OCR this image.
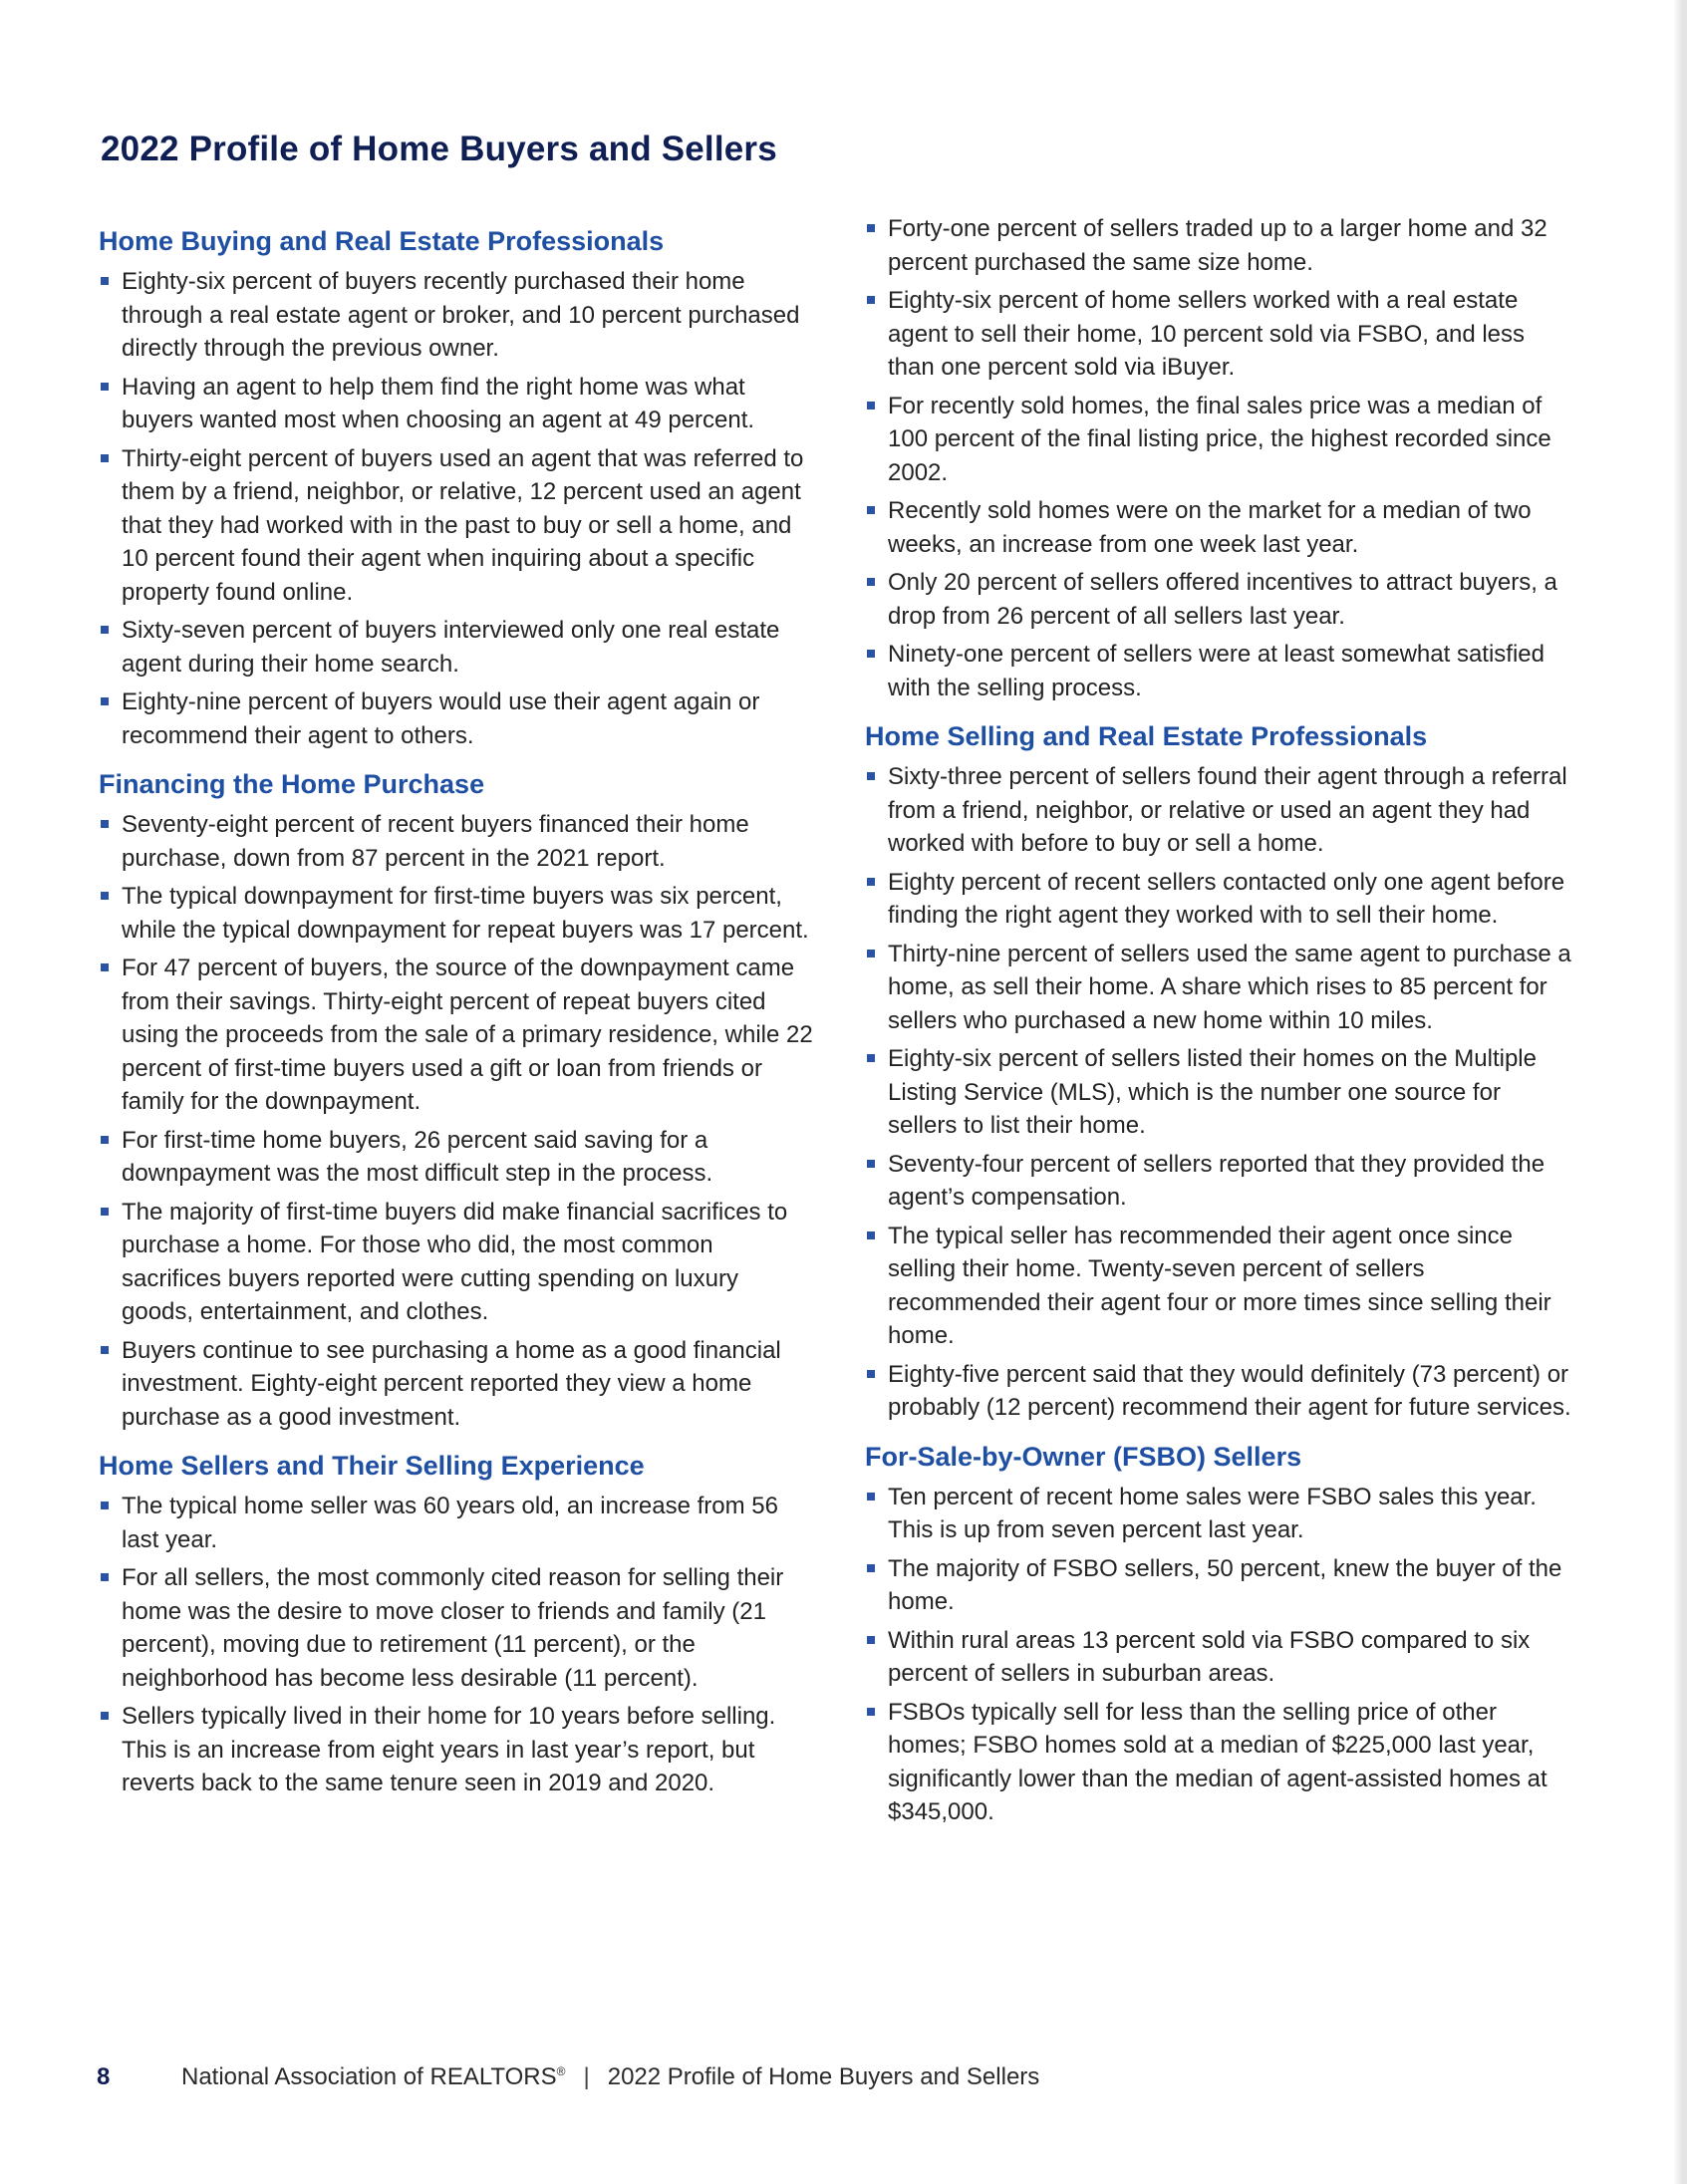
2022 Profile of Home Buyers and Sellers
Home Buying and Real Estate Professionals
Eighty-six percent of buyers recently purchased their home through a real estate agent or broker, and 10 percent purchased directly through the previous owner.
Having an agent to help them find the right home was what buyers wanted most when choosing an agent at 49 percent.
Thirty-eight percent of buyers used an agent that was referred to them by a friend, neighbor, or relative, 12 percent used an agent that they had worked with in the past to buy or sell a home, and 10 percent found their agent when inquiring about a specific property found online.
Sixty-seven percent of buyers interviewed only one real estate agent during their home search.
Eighty-nine percent of buyers would use their agent again or recommend their agent to others.
Financing the Home Purchase
Seventy-eight percent of recent buyers financed their home purchase, down from 87 percent in the 2021 report.
The typical downpayment for first-time buyers was six percent, while the typical downpayment for repeat buyers was 17 percent.
For 47 percent of buyers, the source of the downpayment came from their savings. Thirty-eight percent of repeat buyers cited using the proceeds from the sale of a primary residence, while 22 percent of first-time buyers used a gift or loan from friends or family for the downpayment.
For first-time home buyers, 26 percent said saving for a downpayment was the most difficult step in the process.
The majority of first-time buyers did make financial sacrifices to purchase a home. For those who did, the most common sacrifices buyers reported were cutting spending on luxury goods, entertainment, and clothes.
Buyers continue to see purchasing a home as a good financial investment. Eighty-eight percent reported they view a home purchase as a good investment.
Home Sellers and Their Selling Experience
The typical home seller was 60 years old, an increase from 56 last year.
For all sellers, the most commonly cited reason for selling their home was the desire to move closer to friends and family (21 percent), moving due to retirement (11 percent), or the neighborhood has become less desirable (11 percent).
Sellers typically lived in their home for 10 years before selling. This is an increase from eight years in last year’s report, but reverts back to the same tenure seen in 2019 and 2020.
Forty-one percent of sellers traded up to a larger home and 32 percent purchased the same size home.
Eighty-six percent of home sellers worked with a real estate agent to sell their home, 10 percent sold via FSBO, and less than one percent sold via iBuyer.
For recently sold homes, the final sales price was a median of 100 percent of the final listing price, the highest recorded since 2002.
Recently sold homes were on the market for a median of two weeks, an increase from one week last year.
Only 20 percent of sellers offered incentives to attract buyers, a drop from 26 percent of all sellers last year.
Ninety-one percent of sellers were at least somewhat satisfied with the selling process.
Home Selling and Real Estate Professionals
Sixty-three percent of sellers found their agent through a referral from a friend, neighbor, or relative or used an agent they had worked with before to buy or sell a home.
Eighty percent of recent sellers contacted only one agent before finding the right agent they worked with to sell their home.
Thirty-nine percent of sellers used the same agent to purchase a home, as sell their home. A share which rises to 85 percent for sellers who purchased a new home within 10 miles.
Eighty-six percent of sellers listed their homes on the Multiple Listing Service (MLS), which is the number one source for sellers to list their home.
Seventy-four percent of sellers reported that they provided the agent’s compensation.
The typical seller has recommended their agent once since selling their home. Twenty-seven percent of sellers recommended their agent four or more times since selling their home.
Eighty-five percent said that they would definitely (73 percent) or probably (12 percent) recommend their agent for future services.
For-Sale-by-Owner (FSBO) Sellers
Ten percent of recent home sales were FSBO sales this year. This is up from seven percent last year.
The majority of FSBO sellers, 50 percent, knew the buyer of the home.
Within rural areas 13 percent sold via FSBO compared to six percent of sellers in suburban areas.
FSBOs typically sell for less than the selling price of other homes; FSBO homes sold at a median of $225,000 last year, significantly lower than the median of agent-assisted homes at $345,000.
8	National Association of REALTORS® | 2022 Profile of Home Buyers and Sellers
